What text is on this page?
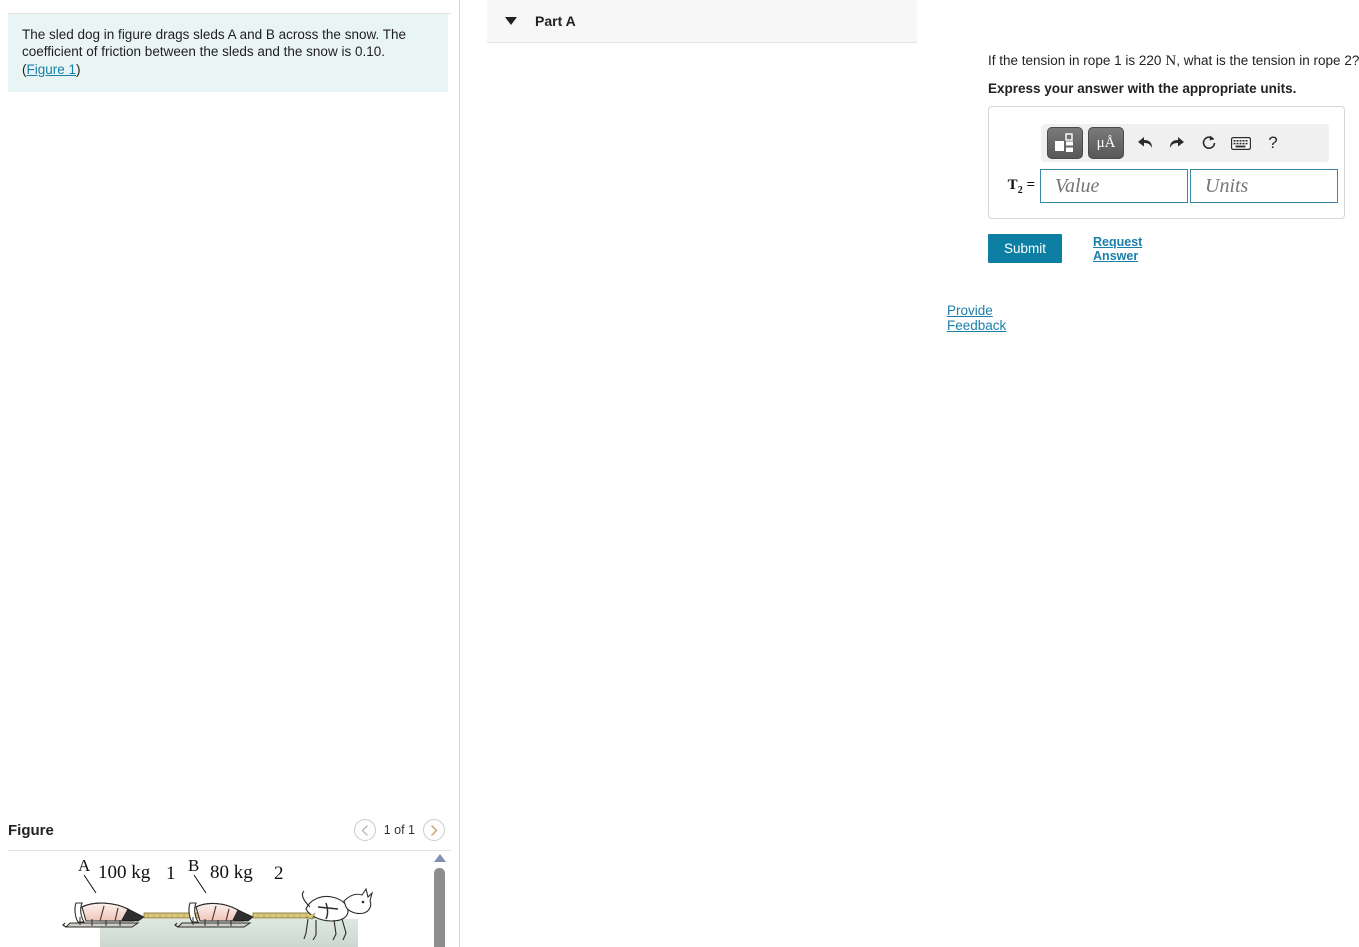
The sled dog in figure drags sleds A and B across the snow. The coefficient of friction between the sleds and the snow is 0.10.

(Figure 1)
Figure	1 of 1
A 100 kg 1 B 80 kg 2
Part A
If the tension in rope 1 is 220 N, what is the tension in rope 2?
Express your answer with the appropriate units.
μÅ	?
$T_2$ =
Value
Units
Submit	Request Answer
Provide Feedback
